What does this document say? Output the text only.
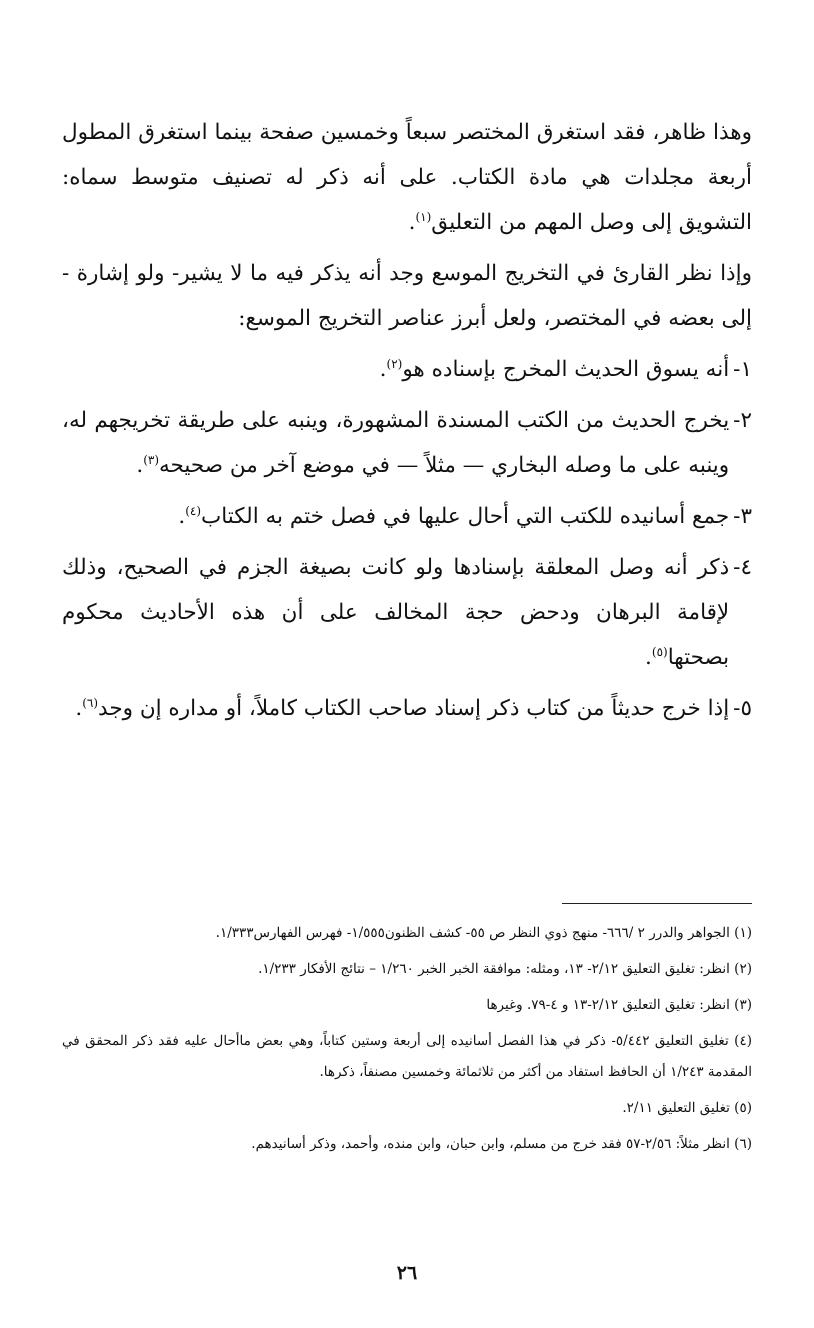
وهذا ظاهر، فقد استغرق المختصر سبعاً وخمسين صفحة بينما استغرق المطول أربعة مجلدات هي مادة الكتاب. على أنه ذكر له تصنيف متوسط سماه: التشويق إلى وصل المهم من التعليق$^{(١)}$.

وإذا نظر القارئ في التخريج الموسع وجد أنه يذكر فيه ما لا يشير- ولو إشارة - إلى بعضه في المختصر، ولعل أبرز عناصر التخريج الموسع:

١-
أنه يسوق الحديث المخرج بإسناده هو$^{(٢)}$.
٢-
يخرج الحديث من الكتب المسندة المشهورة، وينبه على طريقة تخريجهم له، وينبه على ما وصله البخاري — مثلاً — في موضع آخر من صحيحه$^{(٣)}$.
٣-
جمع أسانيده للكتب التي أحال عليها في فصل ختم به الكتاب$^{(٤)}$.
٤-
ذكر أنه وصل المعلقة بإسنادها ولو كانت بصيغة الجزم في الصحيح، وذلك لإقامة البرهان ودحض حجة المخالف على أن هذه الأحاديث محكوم بصحتها$^{(٥)}$.
٥-
إذا خرج حديثاً من كتاب ذكر إسناد صاحب الكتاب كاملاً، أو مداره إن وجد$^{(٦)}$.
(١) الجواهر والدرر ٢ /٦٦٦- منهج ذوي النظر ص ٥٥- كشف الظنون١/٥٥٥- فهرس الفهارس١/٣٣٣.
(٢) انظر: تغليق التعليق ٢/١٢- ١٣، ومثله: موافقة الخبر الخبر ١/٢٦٠ – نتائج الأفكار ١/٢٣٣.
(٣) انظر: تغليق التعليق ٢/١٢-١٣ و ٤-٧٩. وغيرها
(٤) تغليق التعليق ٥/٤٤٢- ذكر في هذا الفصل أسانيده إلى أربعة وستين كتاباً، وهي بعض ماأحال عليه فقد ذكر المحقق في المقدمة ١/٢٤٣ أن الحافظ استفاد من أكثر من ثلاثمائة وخمسين مصنفاً، ذكرها.
(٥) تغليق التعليق ٢/١١.
(٦) انظر مثلاً: ٢/٥٦-٥٧ فقد خرج من مسلم، وابن حبان، وابن منده، وأحمد، وذكر أسانيدهم.
٢٦
